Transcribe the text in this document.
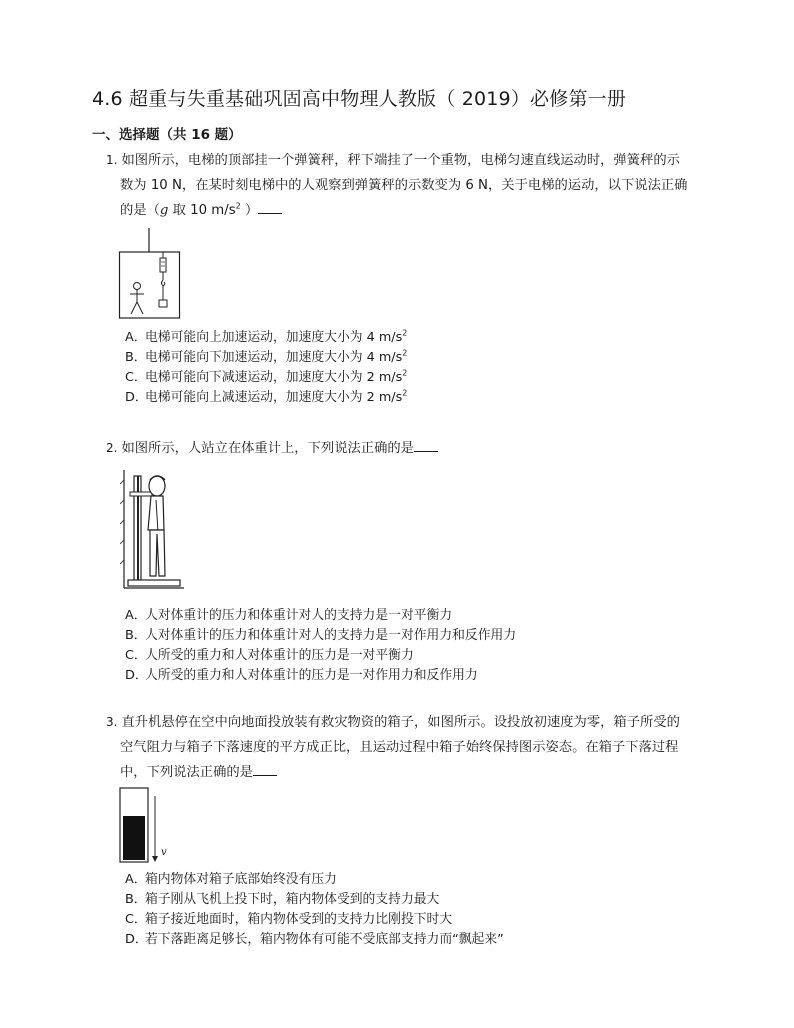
4.6 超重与失重基础巩固高中物理人教版（ 2019）必修第一册
一、选择题（共 16 题）
1. 如图所示，电梯的顶部挂一个弹簧秤，秤下端挂了一个重物，电梯匀速直线运动时，弹簧秤的示
数为 10 N，在某时刻电梯中的人观察到弹簧秤的示数变为 6 N，关于电梯的运动，以下说法正确
的是（g 取 10 $m/s^2$ ）
A．电梯可能向上加速运动，加速度大小为 4 $m/s^2$
B．电梯可能向下加速运动，加速度大小为 4 $m/s^2$
C．电梯可能向下减速运动，加速度大小为 2 $m/s^2$
D．电梯可能向上减速运动，加速度大小为 2 $m/s^2$
2. 如图所示，人站立在体重计上，下列说法正确的是
A．人对体重计的压力和体重计对人的支持力是一对平衡力
B．人对体重计的压力和体重计对人的支持力是一对作用力和反作用力
C．人所受的重力和人对体重计的压力是一对平衡力
D．人所受的重力和人对体重计的压力是一对作用力和反作用力
3. 直升机悬停在空中向地面投放装有救灾物资的箱子，如图所示。设投放初速度为零，箱子所受的
空气阻力与箱子下落速度的平方成正比，且运动过程中箱子始终保持图示姿态。在箱子下落过程
中，下列说法正确的是
v
A．箱内物体对箱子底部始终没有压力
B．箱子刚从飞机上投下时，箱内物体受到的支持力最大
C．箱子接近地面时，箱内物体受到的支持力比刚投下时大
D．若下落距离足够长，箱内物体有可能不受底部支持力而“飘起来”
